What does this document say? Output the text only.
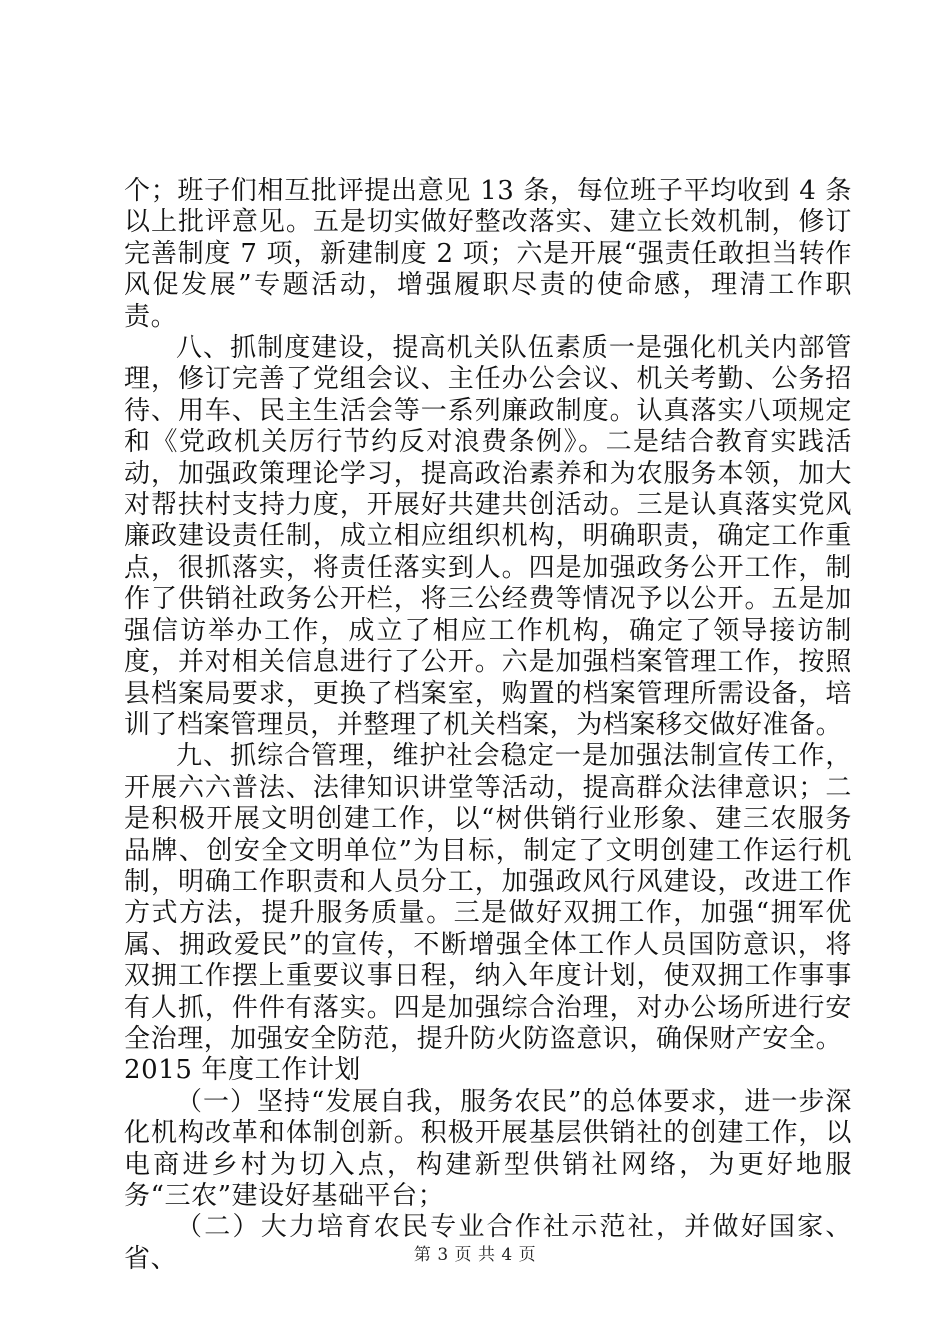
个；班子们相互批评提出意见 13 条，每位班子平均收到 4 条以上批评意见。五是切实做好整改落实、建立长效机制，修订完善制度 7 项，新建制度 2 项；六是开展“强责任敢担当转作风促发展”专题活动，增强履职尽责的使命感，理清工作职责。

八、抓制度建设，提高机关队伍素质一是强化机关内部管理，修订完善了党组会议、主任办公会议、机关考勤、公务招待、用车、民主生活会等一系列廉政制度。认真落实八项规定和《党政机关厉行节约反对浪费条例》。二是结合教育实践活动，加强政策理论学习，提高政治素养和为农服务本领，加大对帮扶村支持力度，开展好共建共创活动。三是认真落实党风廉政建设责任制，成立相应组织机构，明确职责，确定工作重点，很抓落实，将责任落实到人。四是加强政务公开工作，制作了供销社政务公开栏，将三公经费等情况予以公开。五是加强信访举办工作，成立了相应工作机构，确定了领导接访制度，并对相关信息进行了公开。六是加强档案管理工作，按照县档案局要求，更换了档案室，购置的档案管理所需设备，培训了档案管理员，并整理了机关档案，为档案移交做好准备。

九、抓综合管理，维护社会稳定一是加强法制宣传工作，开展六六普法、法律知识讲堂等活动，提高群众法律意识；二是积极开展文明创建工作，以“树供销行业形象、建三农服务品牌、创安全文明单位”为目标，制定了文明创建工作运行机制，明确工作职责和人员分工，加强政风行风建设，改进工作方式方法，提升服务质量。三是做好双拥工作，加强“拥军优属、拥政爱民”的宣传，不断增强全体工作人员国防意识，将双拥工作摆上重要议事日程，纳入年度计划，使双拥工作事事有人抓，件件有落实。四是加强综合治理，对办公场所进行安全治理，加强安全防范，提升防火防盗意识，确保财产安全。

2015 年度工作计划

（一）坚持“发展自我，服务农民”的总体要求，进一步深化机构改革和体制创新。积极开展基层供销社的创建工作，以电商进乡村为切入点，构建新型供销社网络，为更好地服务“三农”建设好基础平台；

（二）大力培育农民专业合作社示范社，并做好国家、省、	第 3 页 共 4 页
